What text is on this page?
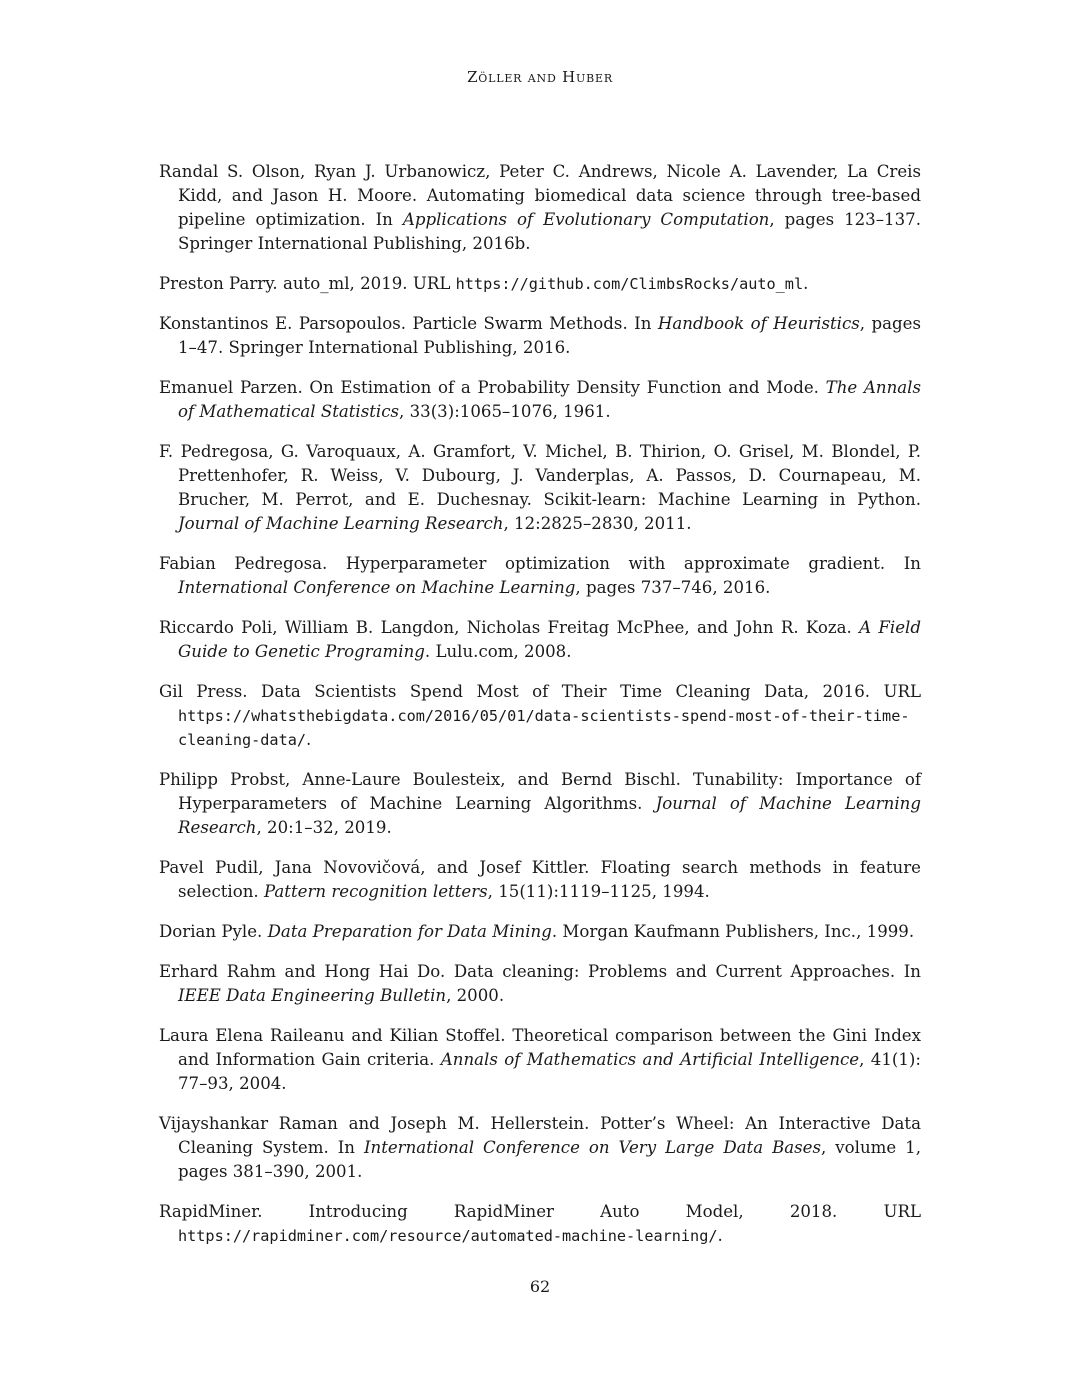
Zöller and Huber

Randal S. Olson, Ryan J. Urbanowicz, Peter C. Andrews, Nicole A. Lavender, La Creis Kidd, and Jason H. Moore. Automating biomedical data science through tree-based pipeline optimization. In Applications of Evolutionary Computation, pages 123–137. Springer International Publishing, 2016b.

Preston Parry. auto_ml, 2019. URL https://github.com/ClimbsRocks/auto_ml.

Konstantinos E. Parsopoulos. Particle Swarm Methods. In Handbook of Heuristics, pages 1–47. Springer International Publishing, 2016.

Emanuel Parzen. On Estimation of a Probability Density Function and Mode. The Annals of Mathematical Statistics, 33(3):1065–1076, 1961.

F. Pedregosa, G. Varoquaux, A. Gramfort, V. Michel, B. Thirion, O. Grisel, M. Blondel, P. Prettenhofer, R. Weiss, V. Dubourg, J. Vanderplas, A. Passos, D. Cournapeau, M. Brucher, M. Perrot, and E. Duchesnay. Scikit-learn: Machine Learning in Python. Journal of Machine Learning Research, 12:2825–2830, 2011.

Fabian Pedregosa. Hyperparameter optimization with approximate gradient. In International Conference on Machine Learning, pages 737–746, 2016.

Riccardo Poli, William B. Langdon, Nicholas Freitag McPhee, and John R. Koza. A Field Guide to Genetic Programing. Lulu.com, 2008.

Gil Press. Data Scientists Spend Most of Their Time Cleaning Data, 2016. URL https://whatsthebigdata.com/2016/05/01/data-scientists-spend-most-of-their-time-cleaning-data/.

Philipp Probst, Anne-Laure Boulesteix, and Bernd Bischl. Tunability: Importance of Hyperparameters of Machine Learning Algorithms. Journal of Machine Learning Research, 20:1–32, 2019.

Pavel Pudil, Jana Novovičová, and Josef Kittler. Floating search methods in feature selection. Pattern recognition letters, 15(11):1119–1125, 1994.

Dorian Pyle. Data Preparation for Data Mining. Morgan Kaufmann Publishers, Inc., 1999.

Erhard Rahm and Hong Hai Do. Data cleaning: Problems and Current Approaches. In IEEE Data Engineering Bulletin, 2000.

Laura Elena Raileanu and Kilian Stoffel. Theoretical comparison between the Gini Index and Information Gain criteria. Annals of Mathematics and Artificial Intelligence, 41(1): 77–93, 2004.

Vijayshankar Raman and Joseph M. Hellerstein. Potter’s Wheel: An Interactive Data Cleaning System. In International Conference on Very Large Data Bases, volume 1, pages 381–390, 2001.

RapidMiner. Introducing RapidMiner Auto Model, 2018. URL https://rapidminer.com/resource/automated-machine-learning/.

62
